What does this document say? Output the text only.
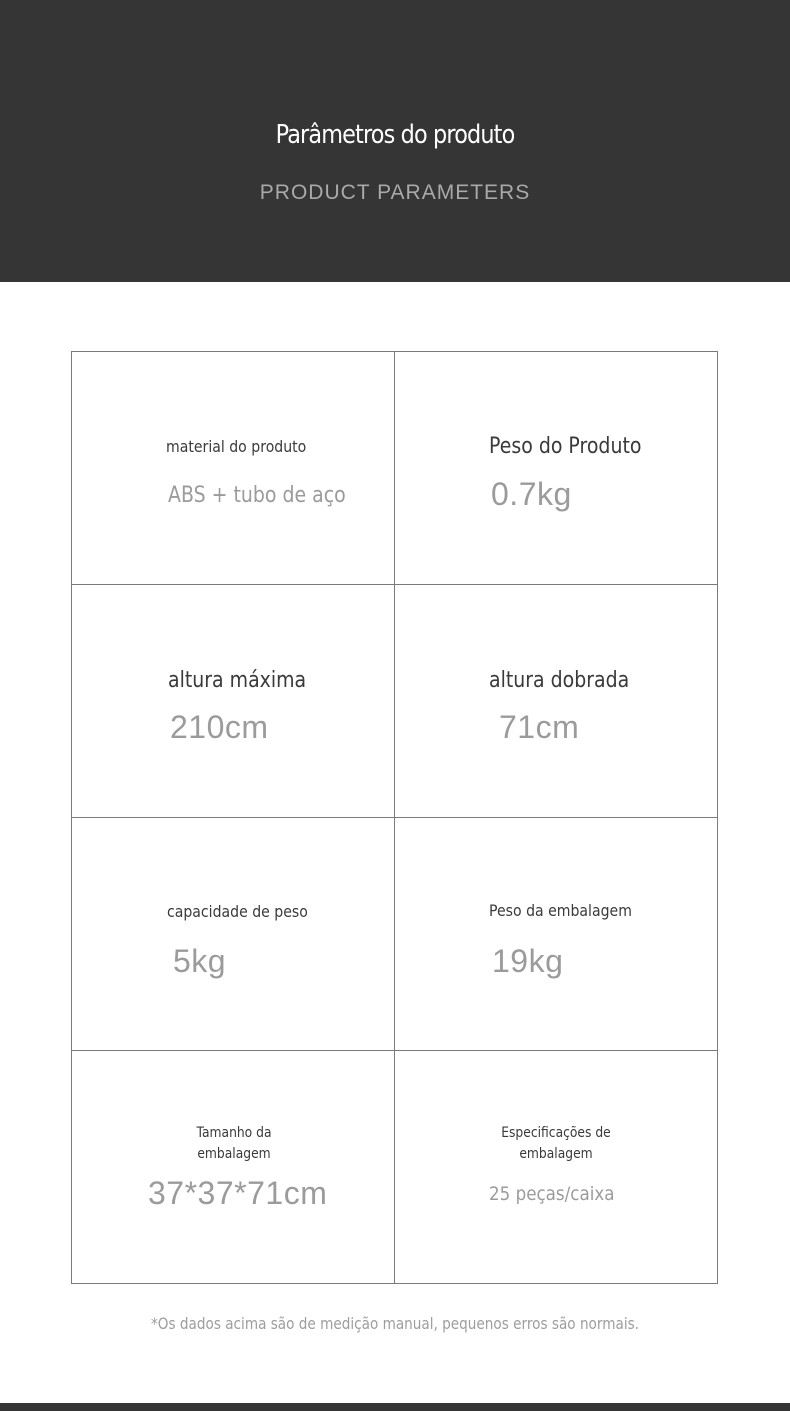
Parâmetros do produto
PRODUCT PARAMETERS
material do produto
ABS + tubo de aço
Peso do Produto
0.7kg
altura máxima
210cm
altura dobrada
71cm
capacidade de peso
5kg
Peso da embalagem
19kg
Tamanho da embalagem
37*37*71cm
Especificações de embalagem
25 peças/caixa
*Os dados acima são de medição manual, pequenos erros são normais.
